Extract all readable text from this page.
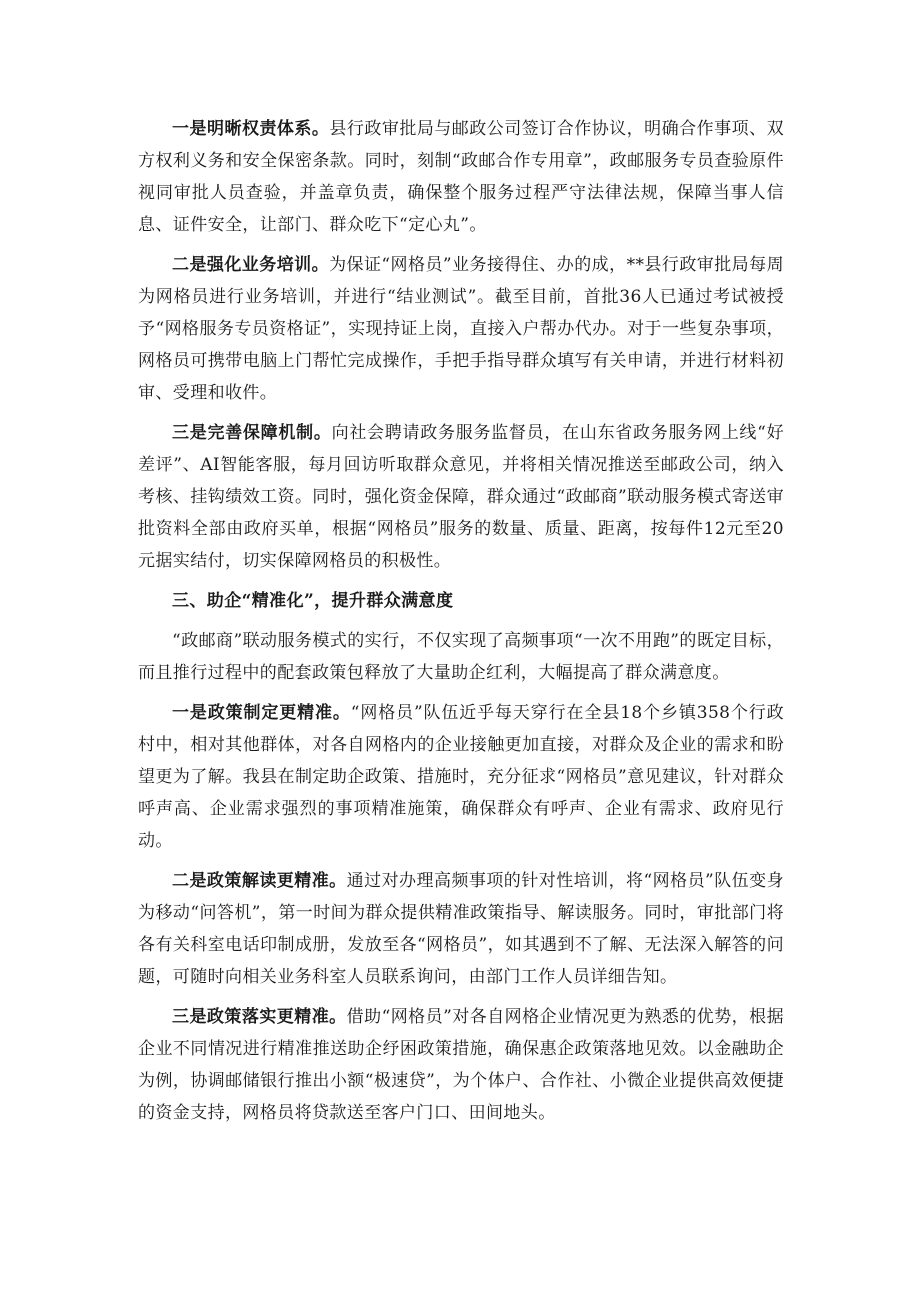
一是明晰权责体系。县行政审批局与邮政公司签订合作协议，明确合作事项、双方权利义务和安全保密条款。同时，刻制“政邮合作专用章”，政邮服务专员查验原件视同审批人员查验，并盖章负责，确保整个服务过程严守法律法规，保障当事人信息、证件安全，让部门、群众吃下“定心丸”。

二是强化业务培训。为保证“网格员”业务接得住、办的成，**县行政审批局每周为网格员进行业务培训，并进行“结业测试”。截至目前，首批36人已通过考试被授予“网格服务专员资格证”，实现持证上岗，直接入户帮办代办。对于一些复杂事项，网格员可携带电脑上门帮忙完成操作，手把手指导群众填写有关申请，并进行材料初审、受理和收件。

三是完善保障机制。向社会聘请政务服务监督员，在山东省政务服务网上线“好差评”、AI智能客服，每月回访听取群众意见，并将相关情况推送至邮政公司，纳入考核、挂钩绩效工资。同时，强化资金保障，群众通过“政邮商”联动服务模式寄送审批资料全部由政府买单，根据“网格员”服务的数量、质量、距离，按每件12元至20元据实结付，切实保障网格员的积极性。

三、助企“精准化”，提升群众满意度

“政邮商”联动服务模式的实行，不仅实现了高频事项“一次不用跑”的既定目标，而且推行过程中的配套政策包释放了大量助企红利，大幅提高了群众满意度。

一是政策制定更精准。“网格员”队伍近乎每天穿行在全县18个乡镇358个行政村中，相对其他群体，对各自网格内的企业接触更加直接，对群众及企业的需求和盼望更为了解。我县在制定助企政策、措施时，充分征求“网格员”意见建议，针对群众呼声高、企业需求强烈的事项精准施策，确保群众有呼声、企业有需求、政府见行动。

二是政策解读更精准。通过对办理高频事项的针对性培训，将“网格员”队伍变身为移动“问答机”，第一时间为群众提供精准政策指导、解读服务。同时，审批部门将各有关科室电话印制成册，发放至各“网格员”，如其遇到不了解、无法深入解答的问题，可随时向相关业务科室人员联系询问，由部门工作人员详细告知。

三是政策落实更精准。借助“网格员”对各自网格企业情况更为熟悉的优势，根据企业不同情况进行精准推送助企纾困政策措施，确保惠企政策落地见效。以金融助企为例，协调邮储银行推出小额“极速贷”，为个体户、合作社、小微企业提供高效便捷的资金支持，网格员将贷款送至客户门口、田间地头。
